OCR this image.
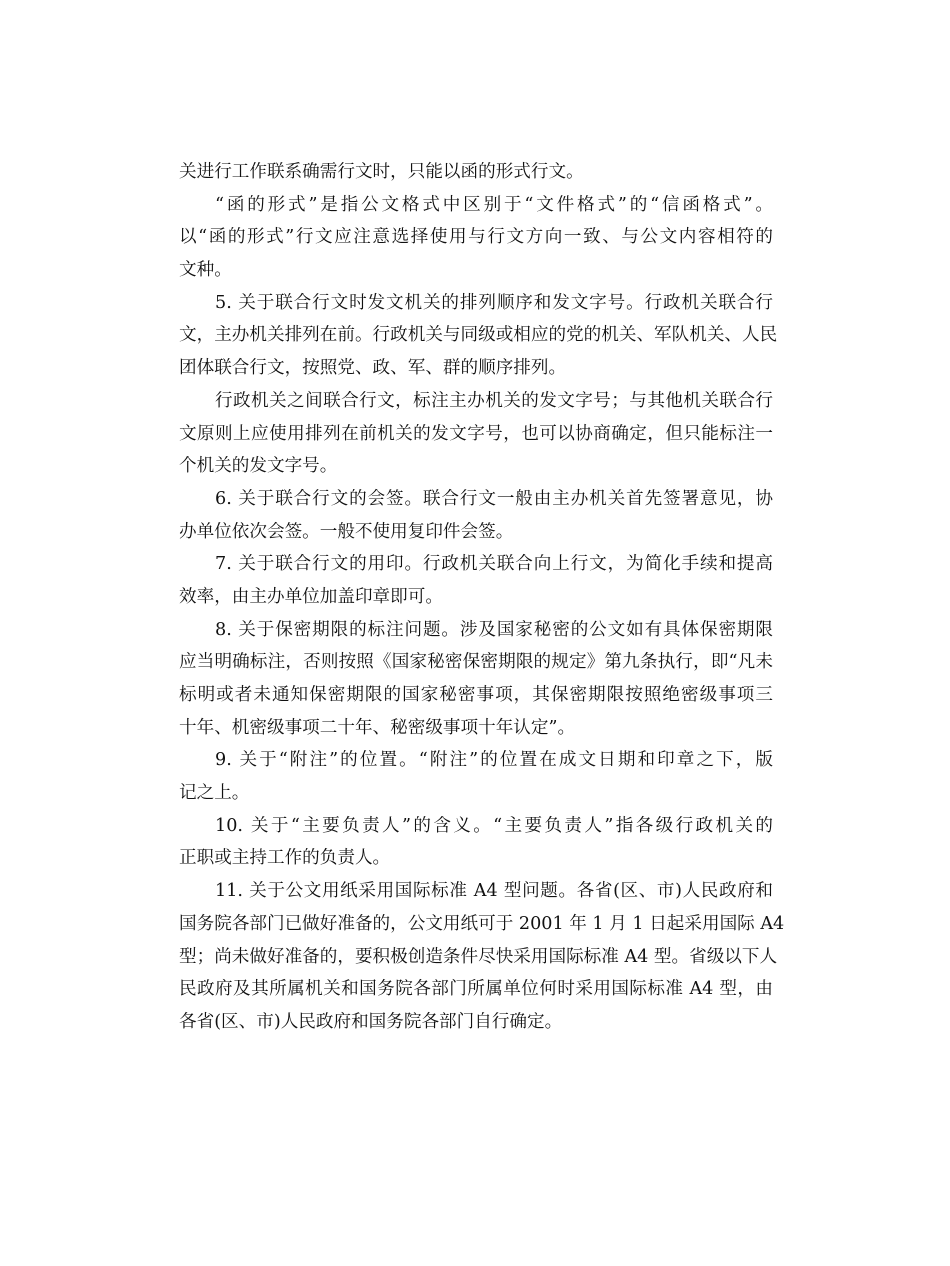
关进行工作联系确需行文时，只能以函的形式行文。
“函的形式”是指公文格式中区别于“文件格式”的“信函格式”。
以“函的形式”行文应注意选择使用与行文方向一致、与公文内容相符的
文种。
5. 关于联合行文时发文机关的排列顺序和发文字号。行政机关联合行
文，主办机关排列在前。行政机关与同级或相应的党的机关、军队机关、人民
团体联合行文，按照党、政、军、群的顺序排列。
行政机关之间联合行文，标注主办机关的发文字号；与其他机关联合行
文原则上应使用排列在前机关的发文字号，也可以协商确定，但只能标注一
个机关的发文字号。
6. 关于联合行文的会签。联合行文一般由主办机关首先签署意见，协
办单位依次会签。一般不使用复印件会签。
7. 关于联合行文的用印。行政机关联合向上行文，为简化手续和提高
效率，由主办单位加盖印章即可。
8. 关于保密期限的标注问题。涉及国家秘密的公文如有具体保密期限
应当明确标注，否则按照《国家秘密保密期限的规定》第九条执行，即“凡未
标明或者未通知保密期限的国家秘密事项，其保密期限按照绝密级事项三
十年、机密级事项二十年、秘密级事项十年认定”。
9. 关于“附注”的位置。“附注”的位置在成文日期和印章之下，版
记之上。
10. 关于“主要负责人”的含义。“主要负责人”指各级行政机关的
正职或主持工作的负责人。
11. 关于公文用纸采用国际标准 A4 型问题。各省(区、市)人民政府和
国务院各部门已做好准备的，公文用纸可于 2001 年 1 月 1 日起采用国际 A4
型；尚未做好准备的，要积极创造条件尽快采用国际标准 A4 型。省级以下人
民政府及其所属机关和国务院各部门所属单位何时采用国际标准 A4 型，由
各省(区、市)人民政府和国务院各部门自行确定。
